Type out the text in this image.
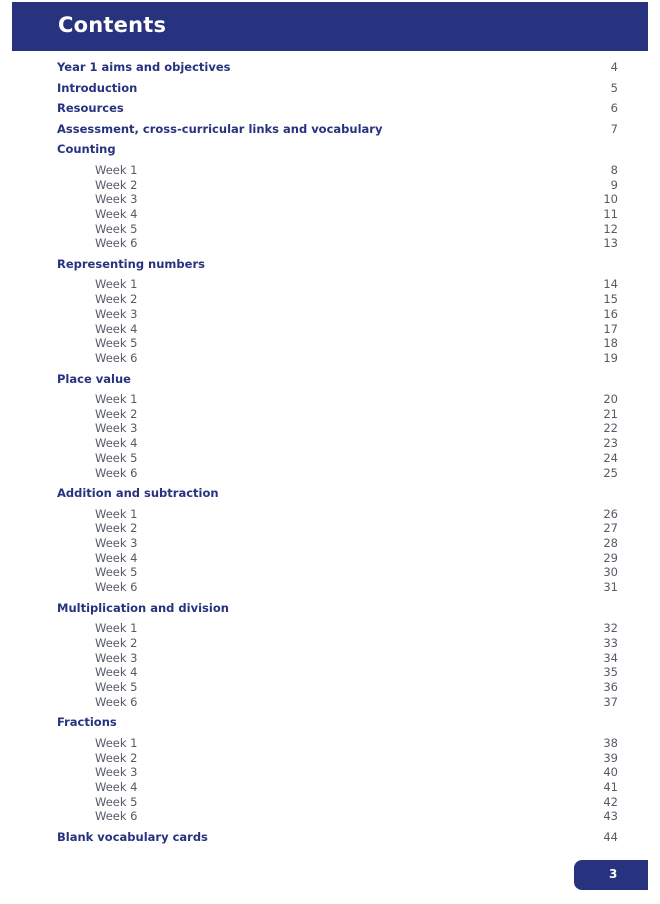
Contents
Year 1 aims and objectives	4
Introduction	5
Resources	6
Assessment, cross-curricular links and vocabulary	7
Counting
Week 1	8
Week 2	9
Week 3	10
Week 4	11
Week 5	12
Week 6	13
Representing numbers
Week 1	14
Week 2	15
Week 3	16
Week 4	17
Week 5	18
Week 6	19
Place value
Week 1	20
Week 2	21
Week 3	22
Week 4	23
Week 5	24
Week 6	25
Addition and subtraction
Week 1	26
Week 2	27
Week 3	28
Week 4	29
Week 5	30
Week 6	31
Multiplication and division
Week 1	32
Week 2	33
Week 3	34
Week 4	35
Week 5	36
Week 6	37
Fractions
Week 1	38
Week 2	39
Week 3	40
Week 4	41
Week 5	42
Week 6	43
Blank vocabulary cards	44
3
